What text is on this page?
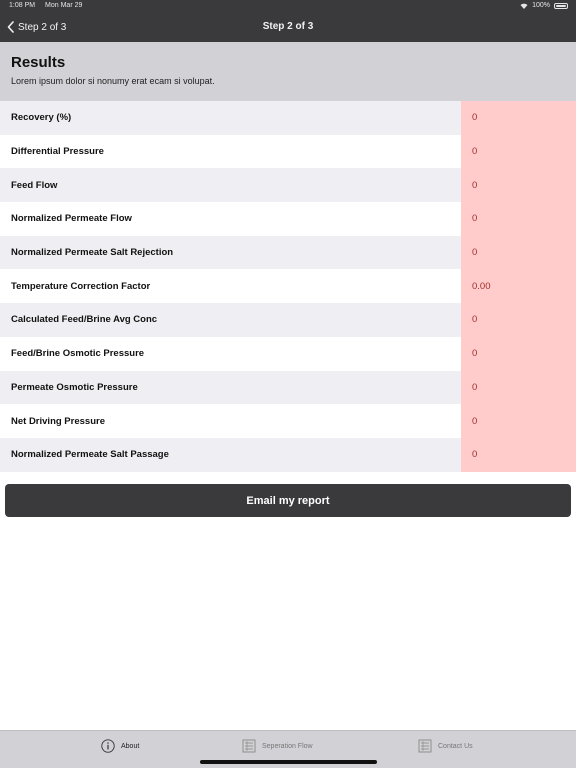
1:08 PM Mon Mar 29	100%
Step 2 of 3	Step 2 of 3
Results

Lorem ipsum dolor si nonumy erat ecam si volupat.

Recovery (%)	0
Differential Pressure	0
Feed Flow	0
Normalized Permeate Flow	0
Normalized Permeate Salt Rejection	0
Temperature Correction Factor	0.00
Calculated Feed/Brine Avg Conc	0
Feed/Brine Osmotic Pressure	0
Permeate Osmotic Pressure	0
Net Driving Pressure	0
Normalized Permeate Salt Passage	0
Email my report
About	Seperation Flow	Contact Us
